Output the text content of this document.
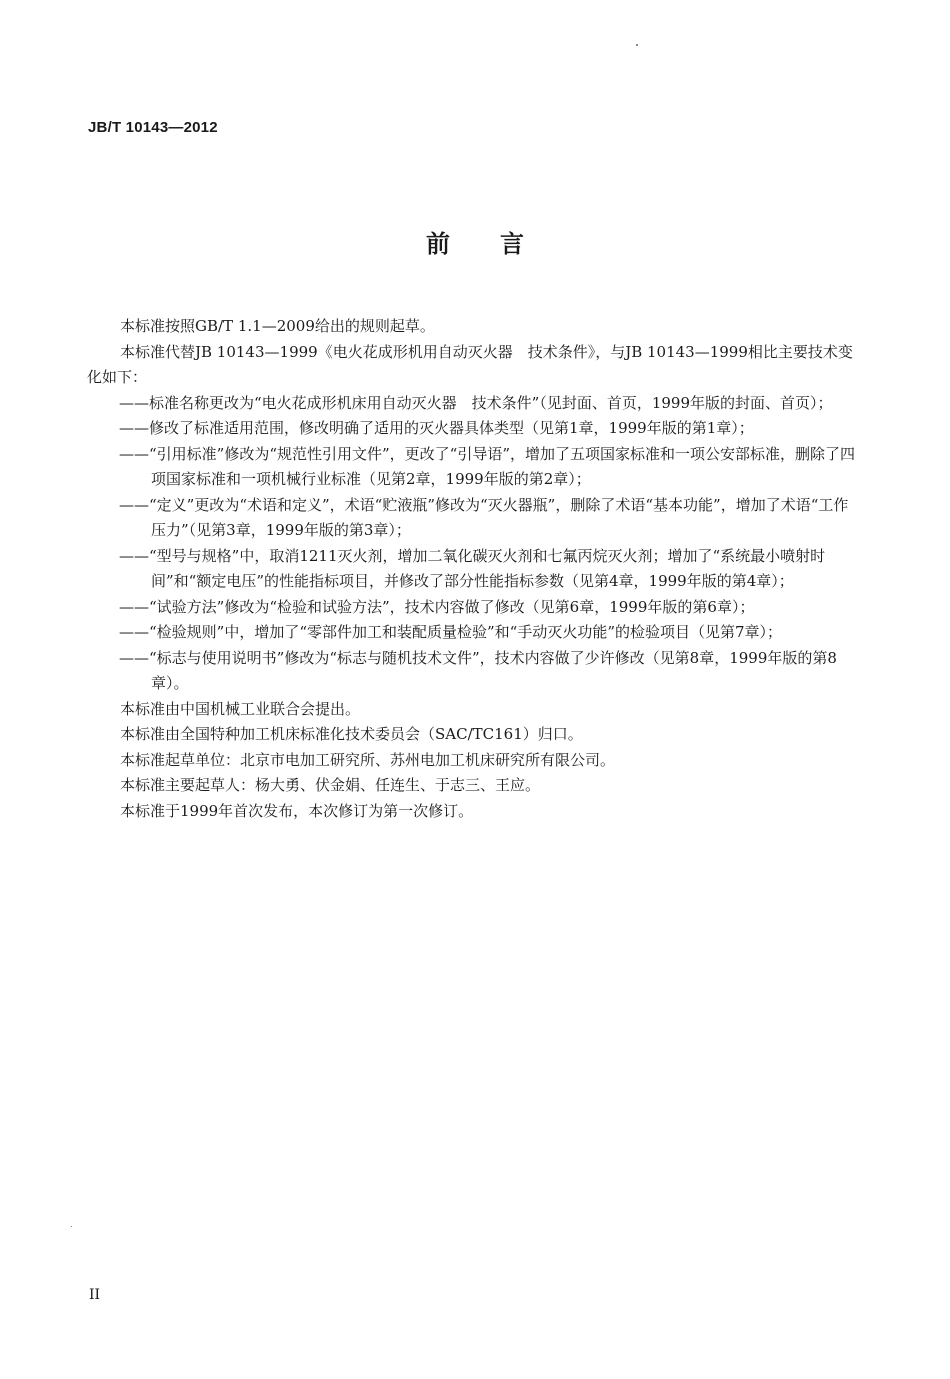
JB/T 10143—2012
前言

本标准按照GB/T 1.1—2009给出的规则起草。

本标准代替JB 10143—1999《电火花成形机用自动灭火器　技术条件》，与JB 10143—1999相比主要技术变化如下：

——标准名称更改为“电火花成形机床用自动灭火器　技术条件”（见封面、首页，1999年版的封面、首页）；

——修改了标准适用范围，修改明确了适用的灭火器具体类型（见第1章，1999年版的第1章）；

——“引用标准”修改为“规范性引用文件”，更改了“引导语”，增加了五项国家标准和一项公安部标准，删除了四项国家标准和一项机械行业标准（见第2章，1999年版的第2章）；

——“定义”更改为“术语和定义”，术语“贮液瓶”修改为“灭火器瓶”，删除了术语“基本功能”，增加了术语“工作压力”（见第3章，1999年版的第3章）；

——“型号与规格”中，取消1211灭火剂，增加二氧化碳灭火剂和七氟丙烷灭火剂；增加了“系统最小喷射时间”和“额定电压”的性能指标项目，并修改了部分性能指标参数（见第4章，1999年版的第4章）；

——“试验方法”修改为“检验和试验方法”，技术内容做了修改（见第6章，1999年版的第6章）；

——“检验规则”中，增加了“零部件加工和装配质量检验”和“手动灭火功能”的检验项目（见第7章）；

——“标志与使用说明书”修改为“标志与随机技术文件”，技术内容做了少许修改（见第8章，1999年版的第8章）。

本标准由中国机械工业联合会提出。

本标准由全国特种加工机床标准化技术委员会（SAC/TC161）归口。

本标准起草单位：北京市电加工研究所、苏州电加工机床研究所有限公司。

本标准主要起草人：杨大勇、伏金娟、任连生、于志三、王应。

本标准于1999年首次发布，本次修订为第一次修订。

II
